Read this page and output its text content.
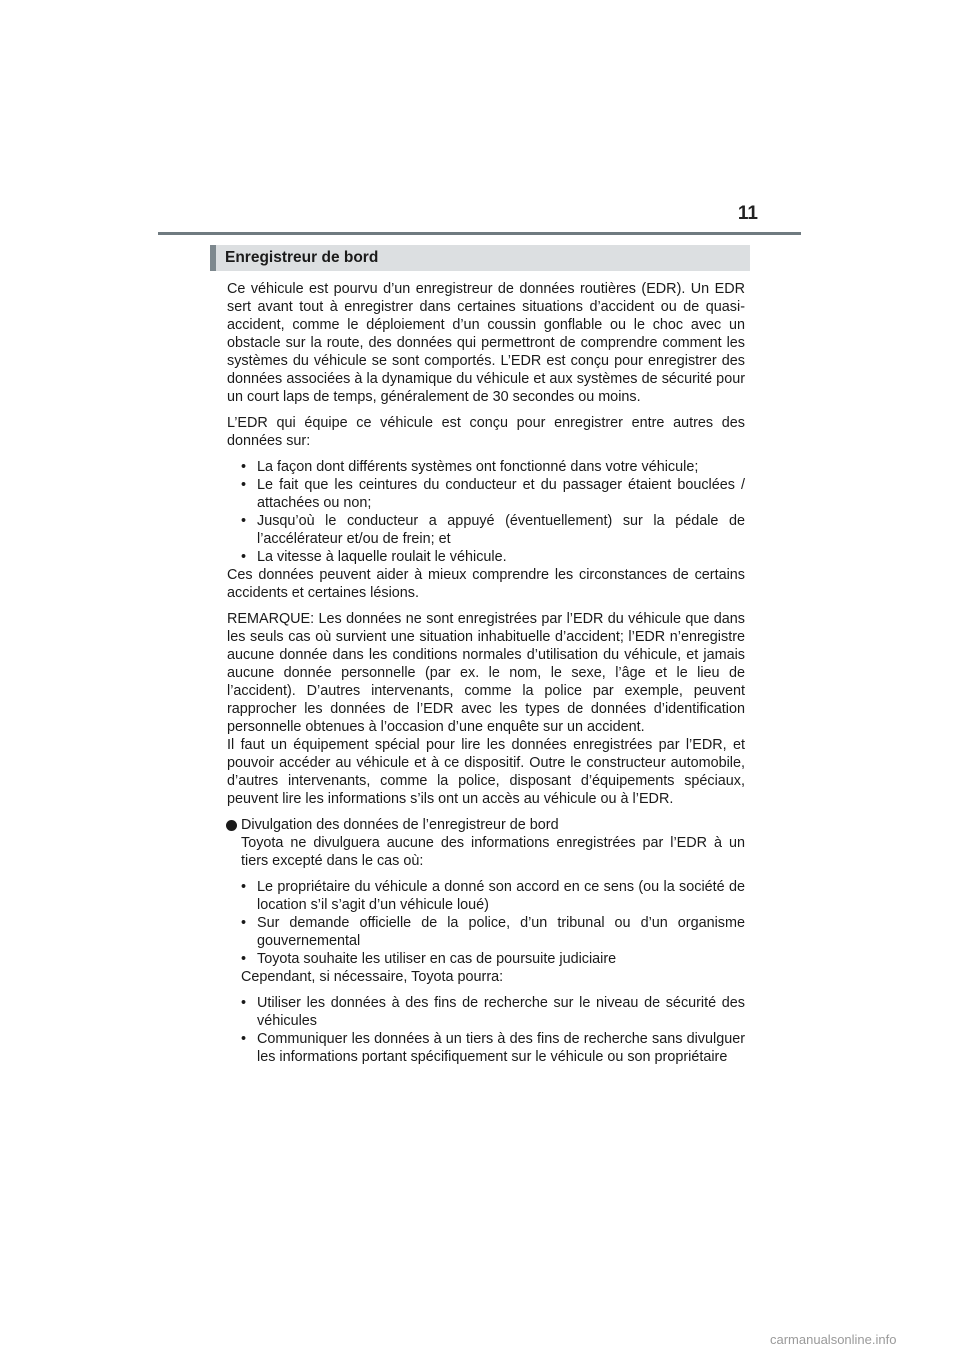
11
Enregistreur de bord

Ce véhicule est pourvu d’un enregistreur de données routières (EDR). Un EDR sert avant tout à enregistrer dans certaines situations d’accident ou de quasi-accident, comme le déploiement d’un coussin gonflable ou le choc avec un obstacle sur la route, des données qui permettront de comprendre comment les systèmes du véhicule se sont comportés. L’EDR est conçu pour enregistrer des données associées à la dynamique du véhicule et aux systèmes de sécurité pour un court laps de temps, généralement de 30 secondes ou moins.

L’EDR qui équipe ce véhicule est conçu pour enregistrer entre autres des données sur:

• La façon dont différents systèmes ont fonctionné dans votre véhicule;
• Le fait que les ceintures du conducteur et du passager étaient bouclées / attachées ou non;
• Jusqu’où le conducteur a appuyé (éventuellement) sur la pédale de l’accélérateur et/ou de frein; et
• La vitesse à laquelle roulait le véhicule.

Ces données peuvent aider à mieux comprendre les circonstances de certains accidents et certaines lésions.

REMARQUE: Les données ne sont enregistrées par l’EDR du véhicule que dans les seuls cas où survient une situation inhabituelle d’accident; l’EDR n’enregistre aucune donnée dans les conditions normales d’utilisation du véhicule, et jamais aucune donnée personnelle (par ex. le nom, le sexe, l’âge et le lieu de l’accident). D’autres intervenants, comme la police par exemple, peuvent rapprocher les données de l’EDR avec les types de données d’identification personnelle obtenues à l’occasion d’une enquête sur un accident.

Il faut un équipement spécial pour lire les données enregistrées par l’EDR, et pouvoir accéder au véhicule et à ce dispositif. Outre le constructeur automobile, d’autres intervenants, comme la police, disposant d’équipements spéciaux, peuvent lire les informations s’ils ont un accès au véhicule ou à l’EDR.

Divulgation des données de l’enregistreur de bord

Toyota ne divulguera aucune des informations enregistrées par l’EDR à un tiers excepté dans le cas où:

• Le propriétaire du véhicule a donné son accord en ce sens (ou la société de location s’il s’agit d’un véhicule loué)
• Sur demande officielle de la police, d’un tribunal ou d’un organisme gouvernemental
• Toyota souhaite les utiliser en cas de poursuite judiciaire

Cependant, si nécessaire, Toyota pourra:

• Utiliser les données à des fins de recherche sur le niveau de sécurité des véhicules
• Communiquer les données à un tiers à des fins de recherche sans divulguer les informations portant spécifiquement sur le véhicule ou son propriétaire
carmanualsonline.info
